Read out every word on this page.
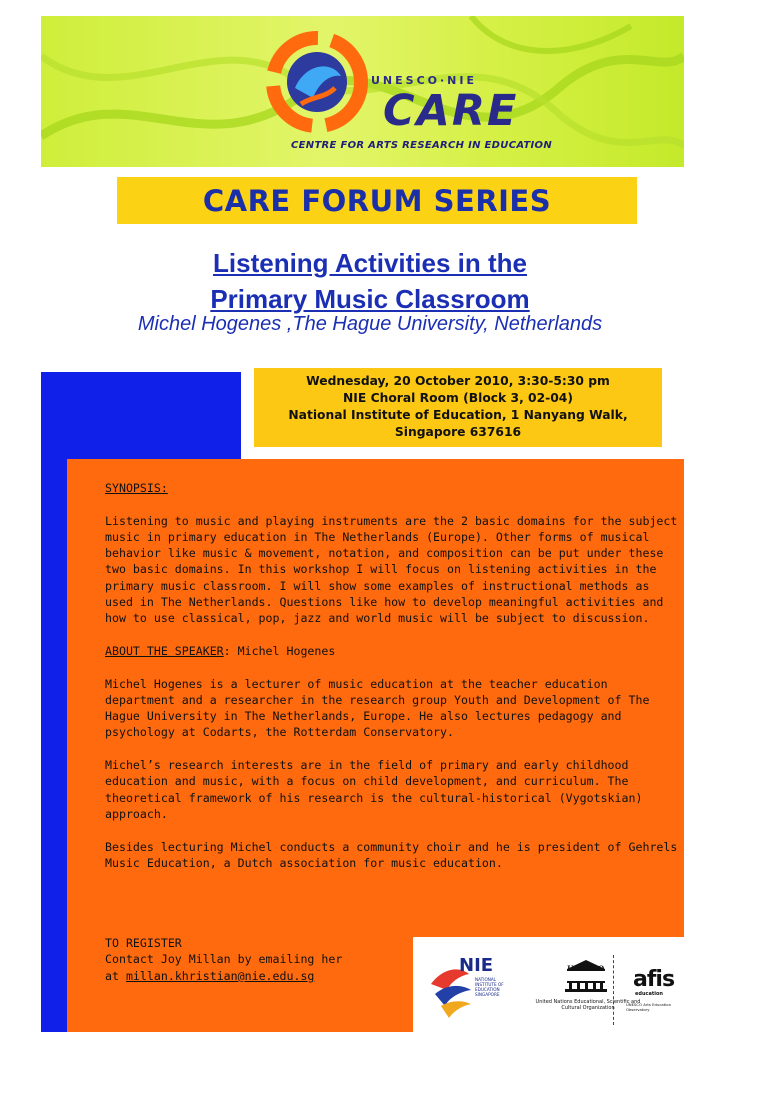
UNESCO·NIE
CARE
CENTRE FOR ARTS RESEARCH IN EDUCATION
CARE FORUM SERIES
Listening Activities in the
Primary Music Classroom
Michel Hogenes ,The Hague University, Netherlands
Wednesday, 20 October 2010, 3:30-5:30 pm
NIE Choral Room (Block 3, 02-04)
National Institute of Education, 1 Nanyang Walk,
Singapore 637616

SYNOPSIS:

Listening to music and playing instruments are the 2 basic domains for the subject music in primary education in The Netherlands (Europe). Other forms of musical behavior like music & movement, notation, and composition can be put under these two basic domains. In this workshop I will focus on listening activities in the primary music classroom. I will show some examples of instructional methods as used in The Netherlands. Questions like how to develop meaningful activities and how to use classical, pop, jazz and world music will be subject to discussion.

ABOUT THE SPEAKER: Michel Hogenes

Michel Hogenes is a lecturer of music education at the teacher education department and a researcher in the research group Youth and Development of The Hague University in The Netherlands, Europe. He also lectures pedagogy and psychology at Codarts, the Rotterdam Conservatory.

Michel’s research interests are in the field of primary and early childhood education and music, with a focus on child development, and curriculum. The theoretical framework of his research is the cultural-historical (Vygotskian) approach.

Besides lecturing Michel conducts a community choir and he is president of Gehrels Music Education, a Dutch association for music education.

TO REGISTER
Contact Joy Millan by emailing her
at millan.khristian@nie.edu.sg	NIE
NATIONAL INSTITUTE OF EDUCATION SINGAPORE
UNESCO
United Nations Educational, Scientific and Cultural Organization
afis
education
UNESCO Arts Education Observatory
